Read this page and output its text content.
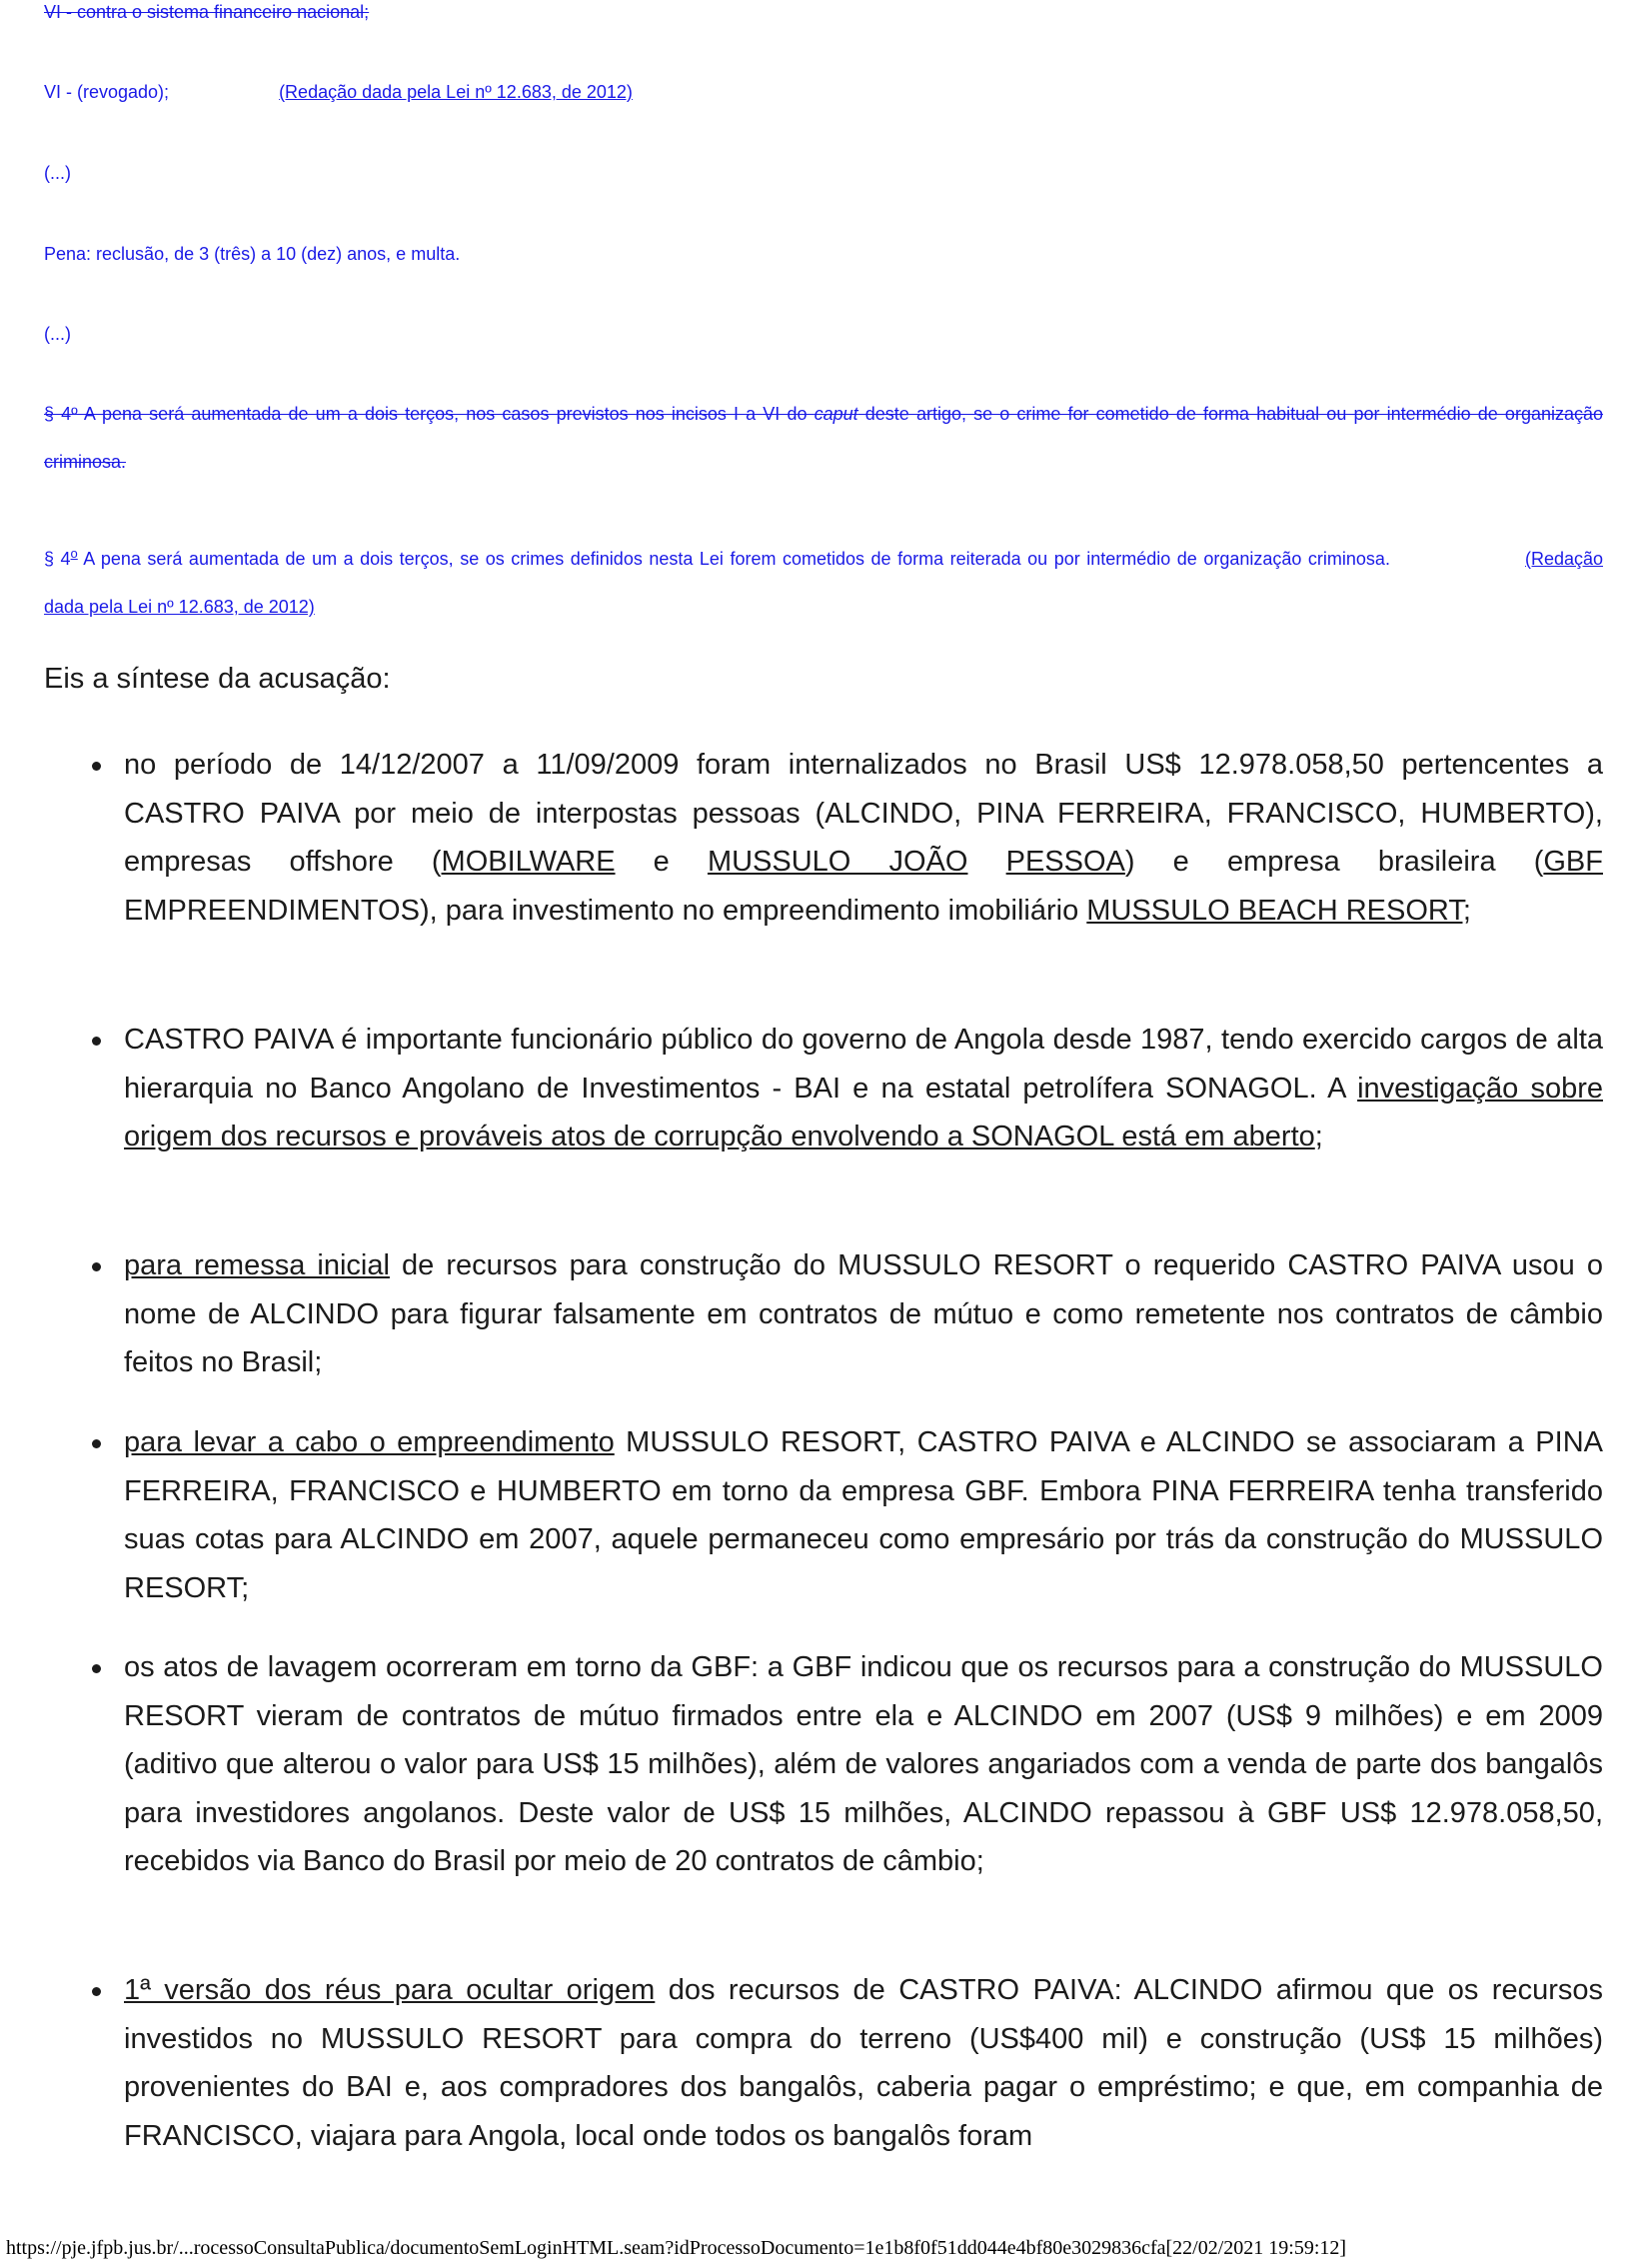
VI - contra o sistema financeiro nacional;
VI - (revogado);	(Redação dada pela Lei nº 12.683, de 2012)
(...)
Pena: reclusão, de 3 (três) a 10 (dez) anos, e multa.
(...)
§ 4º A pena será aumentada de um a dois terços, nos casos previstos nos incisos I a VI do caput deste artigo, se o crime for cometido de forma habitual ou por intermédio de organização criminosa.
§ 4$^o$ A pena será aumentada de um a dois terços, se os crimes definidos nesta Lei forem cometidos de forma reiterada ou por intermédio de organização criminosa.	(Redação dada pela Lei nº 12.683, de 2012)
Eis a síntese da acusação:
no período de 14/12/2007 a 11/09/2009 foram internalizados no Brasil US$ 12.978.058,50 pertencentes a CASTRO PAIVA por meio de interpostas pessoas (ALCINDO, PINA FERREIRA, FRANCISCO, HUMBERTO), empresas offshore (MOBILWARE e MUSSULO JOÃO PESSOA) e empresa brasileira (GBF EMPREENDIMENTOS), para investimento no empreendimento imobiliário MUSSULO BEACH RESORT;
CASTRO PAIVA é importante funcionário público do governo de Angola desde 1987, tendo exercido cargos de alta hierarquia no Banco Angolano de Investimentos - BAI e na estatal petrolífera SONAGOL. A investigação sobre origem dos recursos e prováveis atos de corrupção envolvendo a SONAGOL está em aberto;
para remessa inicial de recursos para construção do MUSSULO RESORT o requerido CASTRO PAIVA usou o nome de ALCINDO para figurar falsamente em contratos de mútuo e como remetente nos contratos de câmbio feitos no Brasil;
para levar a cabo o empreendimento MUSSULO RESORT, CASTRO PAIVA e ALCINDO se associaram a PINA FERREIRA, FRANCISCO e HUMBERTO em torno da empresa GBF. Embora PINA FERREIRA tenha transferido suas cotas para ALCINDO em 2007, aquele permaneceu como empresário por trás da construção do MUSSULO RESORT;
os atos de lavagem ocorreram em torno da GBF: a GBF indicou que os recursos para a construção do MUSSULO RESORT vieram de contratos de mútuo firmados entre ela e ALCINDO em 2007 (US$ 9 milhões) e em 2009 (aditivo que alterou o valor para US$ 15 milhões), além de valores angariados com a venda de parte dos bangalôs para investidores angolanos. Deste valor de US$ 15 milhões, ALCINDO repassou à GBF US$ 12.978.058,50, recebidos via Banco do Brasil por meio de 20 contratos de câmbio;
1ª versão dos réus para ocultar origem dos recursos de CASTRO PAIVA: ALCINDO afirmou que os recursos investidos no MUSSULO RESORT para compra do terreno (US$400 mil) e construção (US$ 15 milhões) provenientes do BAI e, aos compradores dos bangalôs, caberia pagar o empréstimo; e que, em companhia de FRANCISCO, viajara para Angola, local onde todos os bangalôs foram
https://pje.jfpb.jus.br/...rocessoConsultaPublica/documentoSemLoginHTML.seam?idProcessoDocumento=1e1b8f0f51dd044e4bf80e3029836cfa[22/02/2021 19:59:12]
